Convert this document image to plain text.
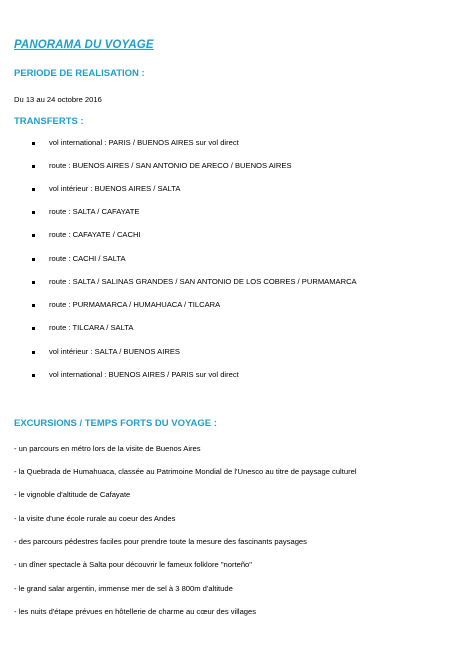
PANORAMA DU VOYAGE
PERIODE DE REALISATION :
Du 13 au 24 octobre 2016
TRANSFERTS :
vol international : PARIS / BUENOS AIRES sur vol direct
route : BUENOS AIRES / SAN ANTONIO DE ARECO / BUENOS AIRES
vol intérieur : BUENOS AIRES / SALTA
route : SALTA / CAFAYATE
route : CAFAYATE / CACHI
route : CACHI / SALTA
route : SALTA / SALINAS GRANDES / SAN ANTONIO DE LOS COBRES / PURMAMARCA
route : PURMAMARCA / HUMAHUACA / TILCARA
route : TILCARA / SALTA
vol intérieur : SALTA / BUENOS AIRES
vol international : BUENOS AIRES / PARIS sur vol direct
EXCURSIONS / TEMPS FORTS DU VOYAGE :
- un parcours en métro lors de la visite de Buenos Aires
- la Quebrada de Humahuaca, classée au Patrimoine Mondial de l'Unesco au titre de paysage culturel
- le vignoble d'altitude de Cafayate
- la visite d'une école rurale au coeur des Andes
- des parcours pédestres faciles pour prendre toute la mesure des fascinants paysages
- un dîner spectacle à Salta pour découvrir le fameux folklore "norteño"
- le grand salar argentin, immense mer de sel à 3 800m d'altitude
- les nuits d'étape prévues en hôtellerie de charme au cœur des villages
